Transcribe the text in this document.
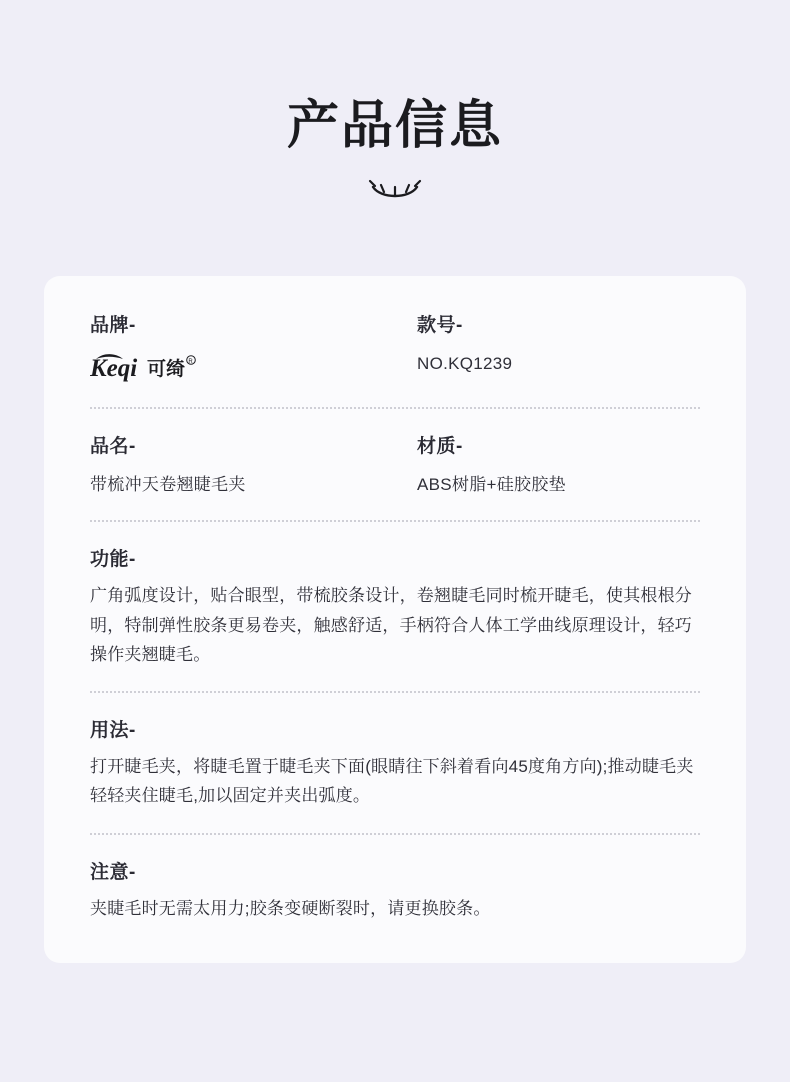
产品信息
品牌-
Keqi 可绮 R
款号-
NO.KQ1239
品名-
带梳冲天卷翘睫毛夹
材质-
ABS树脂+硅胶胶垫
功能-
广角弧度设计，贴合眼型，带梳胶条设计，卷翘睫毛同时梳开睫毛，使其根根分明，特制弹性胶条更易卷夹，触感舒适，手柄符合人体工学曲线原理设计，轻巧操作夹翘睫毛。
用法-
打开睫毛夹，将睫毛置于睫毛夹下面(眼睛往下斜着看向45度角方向);推动睫毛夹轻轻夹住睫毛,加以固定并夹出弧度。
注意-
夹睫毛时无需太用力;胶条变硬断裂时，请更换胶条。
